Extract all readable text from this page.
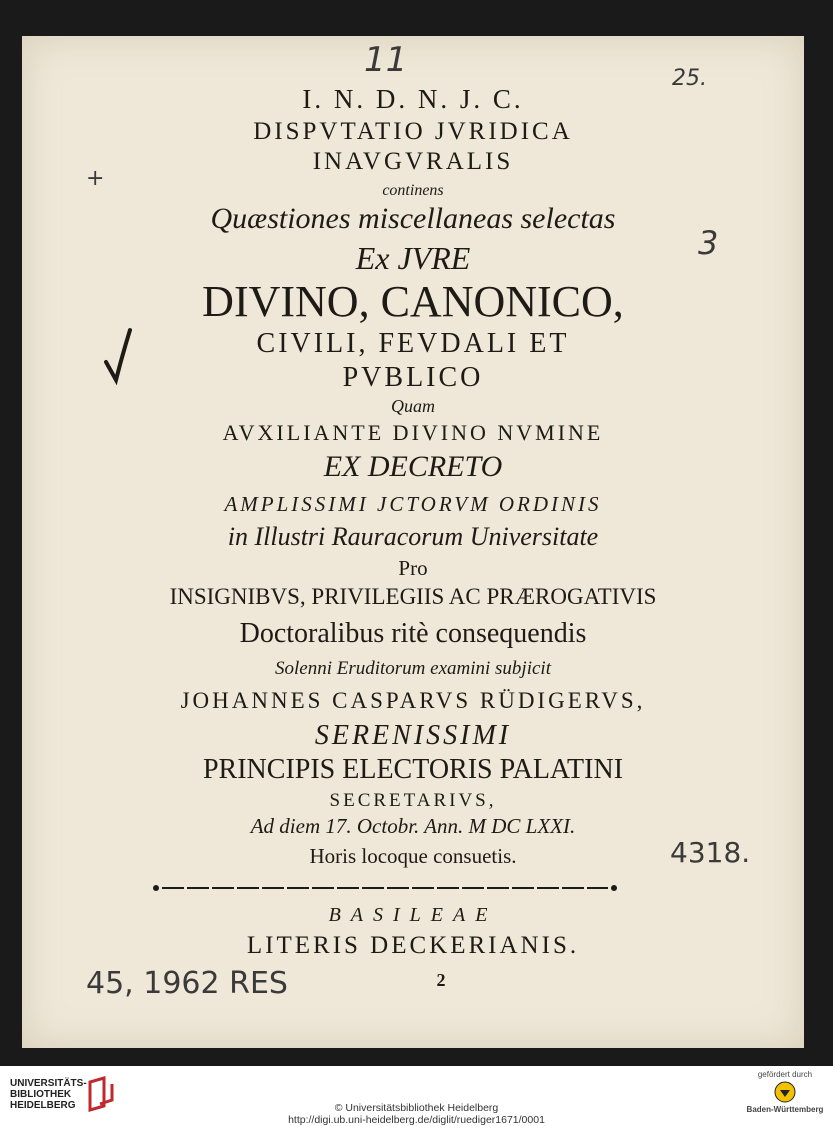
I. N. D. N. J. C.
DISPVTATIO JVRIDICA
INAVGVRALIS
continens
Quæstiones miscellaneas selectas
Ex JVRE
DIVINO, CANONICO,
CIVILI, FEVDALI ET
PVBLICO
Quam
AVXILIANTE DIVINO NVMINE
EX DECRETO
AMPLISSIMI JCTORVM ORDINIS
in Illustri Rauracorum Universitate
Pro
INSIGNIBVS, PRIVILEGIIS AC PRÆROGATIVIS
Doctoralibus ritè consequendis
Solenni Eruditorum examini subjicit
JOHANNES CASPARVS RÜDIGERVS,
SERENISSIMI
PRINCIPIS ELECTORIS PALATINI
SECRETARIVS,
Ad diem 17. Octobr. Ann. M DC LXXI.
Horis locoque consuetis.
BASILEAE
LITERIS DECKERIANIS.
2
11	25.
3
+
4318.
45, 1962 RES
UNIVERSITÄTS-
BIBLIOTHEK
HEIDELBERG	© Universitätsbibliothek Heidelberg
http://digi.ub.uni-heidelberg.de/diglit/ruediger1671/0001
gefördert durch
Baden-Württemberg
